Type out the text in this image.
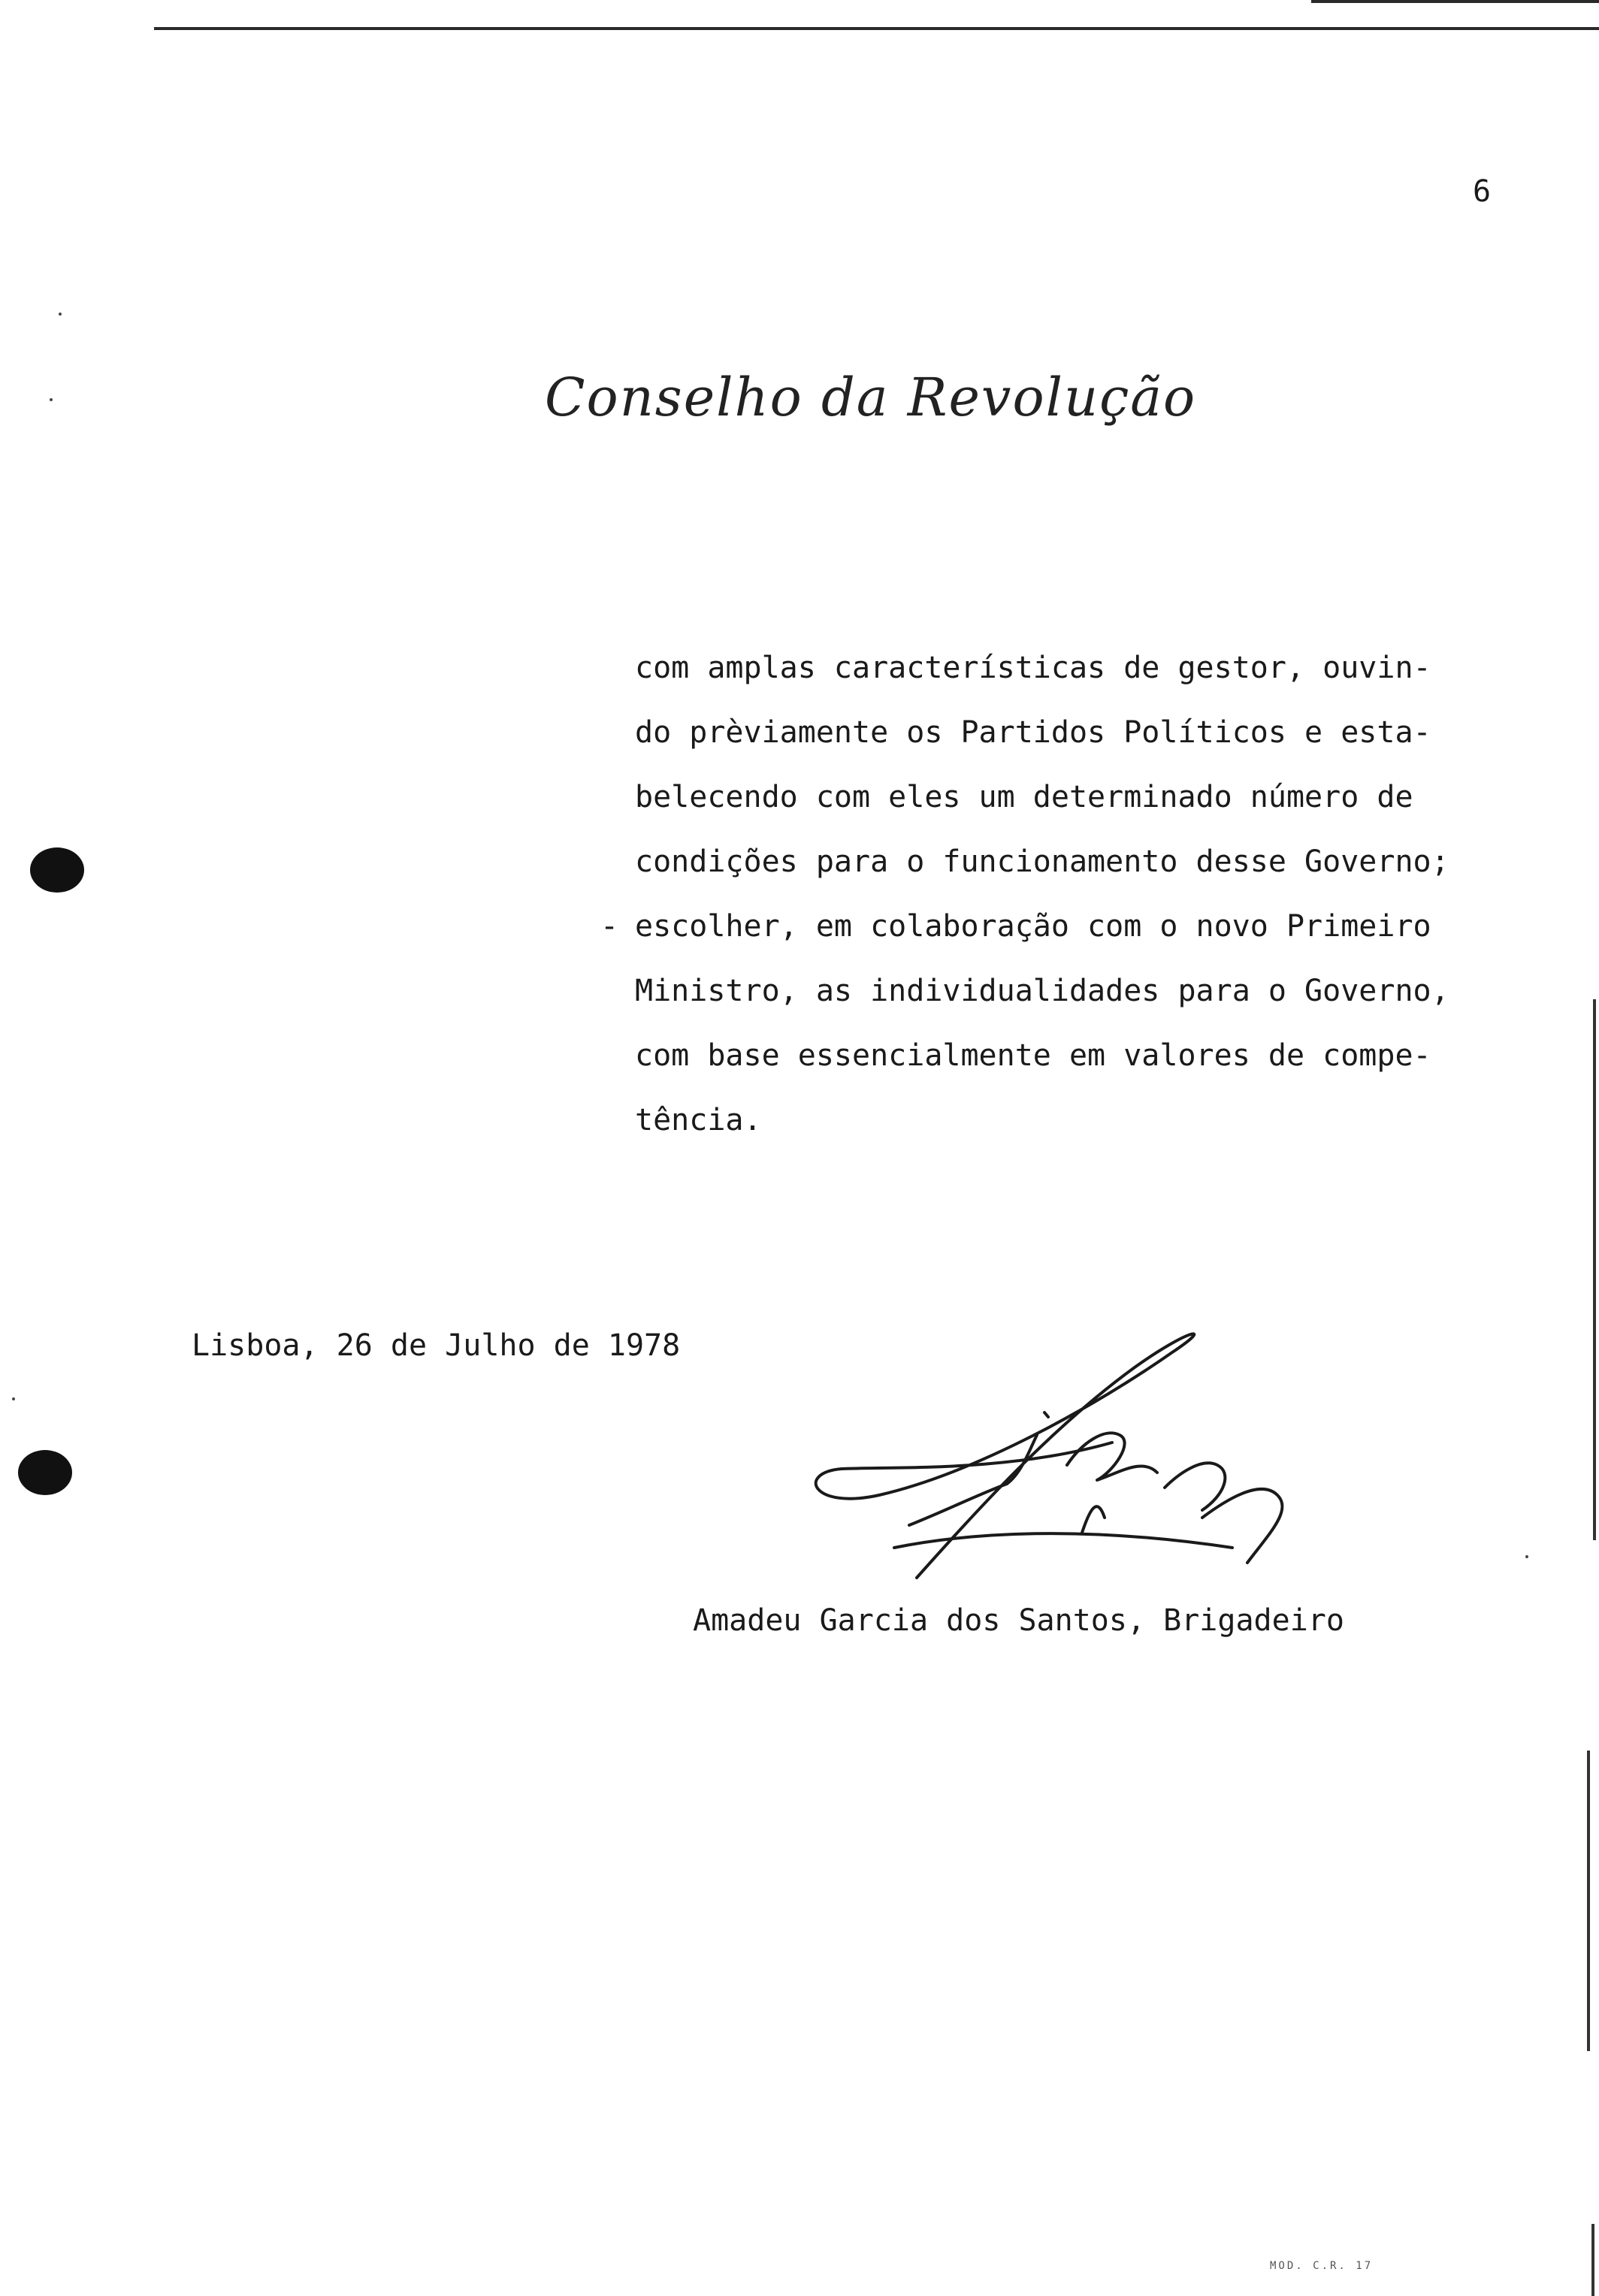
6
Conselho da Revolução
com amplas características de gestor, ouvin-
do prèviamente os Partidos Políticos e esta-
belecendo com eles um determinado número de
condições para o funcionamento desse Governo;
- escolher, em colaboração com o novo Primeiro
Ministro, as individualidades para o Governo,
com base essencialmente em valores de compe-
tência.
Lisboa, 26 de Julho de 1978
Amadeu Garcia dos Santos, Brigadeiro
MOD. C.R. 17
